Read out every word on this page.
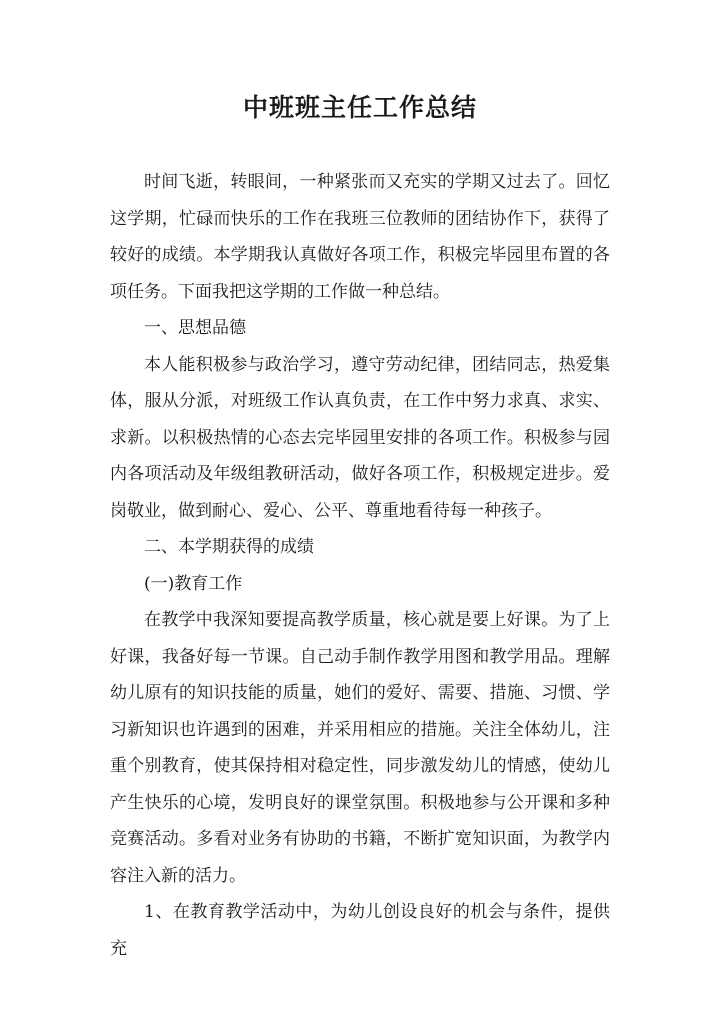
中班班主任工作总结

时间飞逝，转眼间，一种紧张而又充实的学期又过去了。回忆这学期，忙碌而快乐的工作在我班三位教师的团结协作下，获得了较好的成绩。本学期我认真做好各项工作，积极完毕园里布置的各项任务。下面我把这学期的工作做一种总结。

一、思想品德

本人能积极参与政治学习，遵守劳动纪律，团结同志，热爱集体，服从分派，对班级工作认真负责，在工作中努力求真、求实、求新。以积极热情的心态去完毕园里安排的各项工作。积极参与园内各项活动及年级组教研活动，做好各项工作，积极规定进步。爱岗敬业，做到耐心、爱心、公平、尊重地看待每一种孩子。

二、本学期获得的成绩

(一)教育工作

在教学中我深知要提高教学质量，核心就是要上好课。为了上好课，我备好每一节课。自己动手制作教学用图和教学用品。理解幼儿原有的知识技能的质量，她们的爱好、需要、措施、习惯、学习新知识也许遇到的困难，并采用相应的措施。关注全体幼儿，注重个别教育，使其保持相对稳定性，同步激发幼儿的情感，使幼儿产生快乐的心境，发明良好的课堂氛围。积极地参与公开课和多种竞赛活动。多看对业务有协助的书籍，不断扩宽知识面，为教学内容注入新的活力。

1、在教育教学活动中，为幼儿创设良好的机会与条件，提供充
